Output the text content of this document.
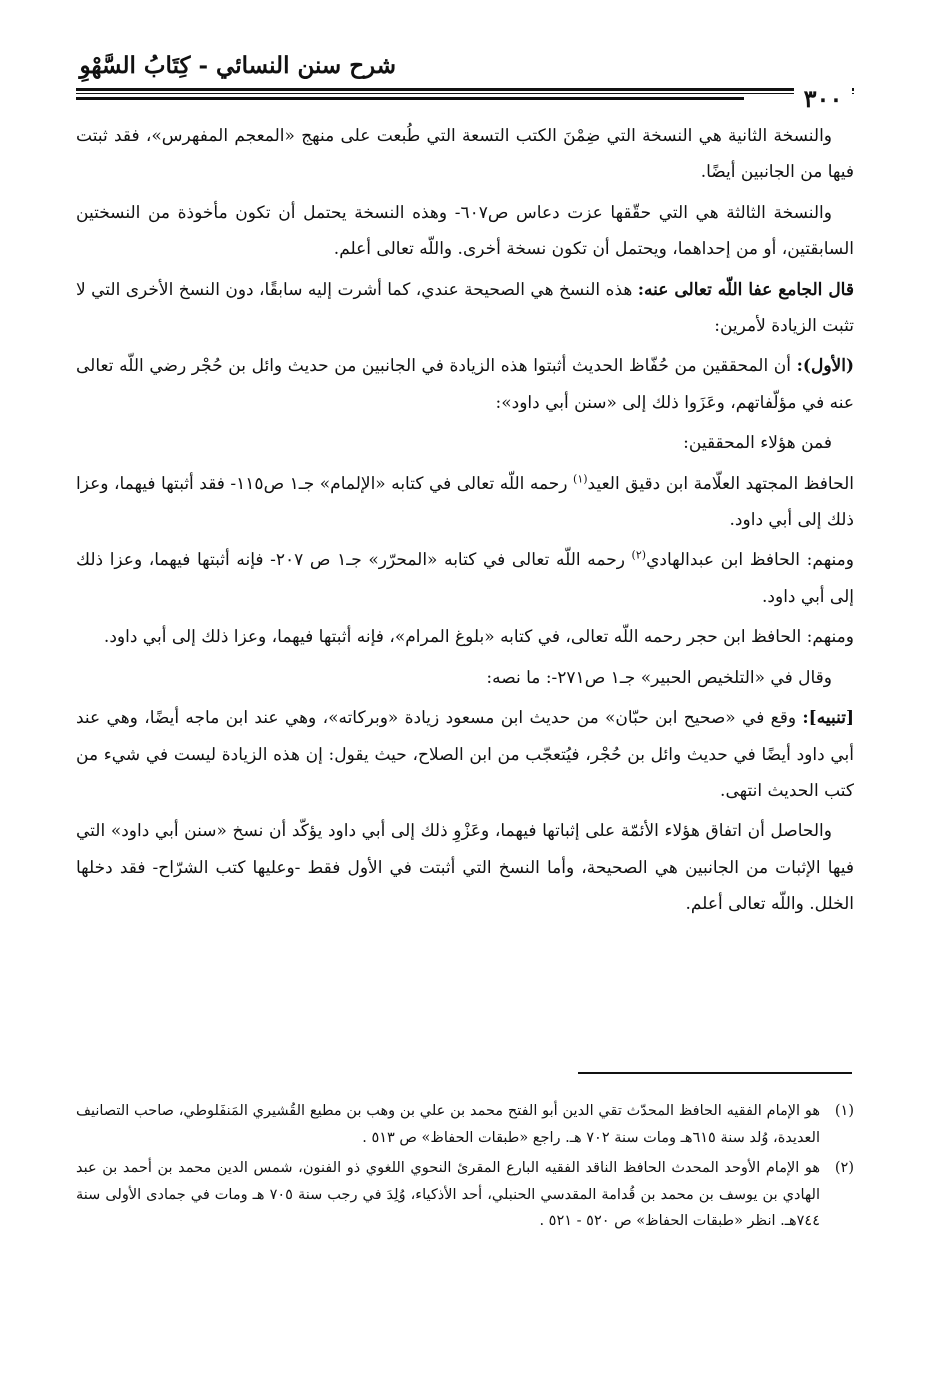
شرح سنن النسائي - كِتَابُ السَّهْوِ
٣٠٠

والنسخة الثانية هي النسخة التي ضِمْنَ الكتب التسعة التي طُبعت على منهج «المعجم المفهرس»، فقد ثبتت فيها من الجانبين أيضًا.

والنسخة الثالثة هي التي حقّقها عزت دعاس ص٦٠٧- وهذه النسخة يحتمل أن تكون مأخوذة من النسختين السابقتين، أو من إحداهما، ويحتمل أن تكون نسخة أخرى. واللّه تعالى أعلم.

قال الجامع عفا اللّه تعالى عنه: هذه النسخ هي الصحيحة عندي، كما أشرت إليه سابقًا، دون النسخ الأخرى التي لا تثبت الزيادة لأمرين:

(الأول): أن المحققين من حُفّاظ الحديث أثبتوا هذه الزيادة في الجانبين من حديث وائل بن حُجْر رضي اللّه تعالى عنه في مؤلّفاتهم، وعَزَوا ذلك إلى «سنن أبي داود»:

فمن هؤلاء المحققين:

الحافظ المجتهد العلّامة ابن دقيق العيد$^{(١)}$ رحمه اللّه تعالى في كتابه «الإلمام» جـ١ ص١١٥- فقد أثبتها فيهما، وعزا ذلك إلى أبي داود.

ومنهم: الحافظ ابن عبدالهادي$^{(٢)}$ رحمه اللّه تعالى في كتابه «المحرّر» جـ١ ص ٢٠٧- فإنه أثبتها فيهما، وعزا ذلك إلى أبي داود.

ومنهم: الحافظ ابن حجر رحمه اللّه تعالى، في كتابه «بلوغ المرام»، فإنه أثبتها فيهما، وعزا ذلك إلى أبي داود.

وقال في «التلخيص الحبير» جـ١ ص٢٧١-: ما نصه:

[تنبيه]: وقع في «صحيح ابن حبّان» من حديث ابن مسعود زيادة «وبركاته»، وهي عند ابن ماجه أيضًا، وهي عند أبي داود أيضًا في حديث وائل بن حُجْر، فيُتعجّب من ابن الصلاح، حيث يقول: إن هذه الزيادة ليست في شيء من كتب الحديث انتهى.

والحاصل أن اتفاق هؤلاء الأئمّة على إثباتها فيهما، وعَزْوِ ذلك إلى أبي داود يؤكّد أن نسخ «سنن أبي داود» التي فيها الإثبات من الجانبين هي الصحيحة، وأما النسخ التي أثبتت في الأول فقط -وعليها كتب الشرّاح- فقد دخلها الخلل. واللّه تعالى أعلم.

(١)
هو الإمام الفقيه الحافظ المحدّث تقي الدين أبو الفتح محمد بن علي بن وهب بن مطيع القُشيري المَنفَلوطي، صاحب التصانيف العديدة، وُلد سنة ٦١٥هـ ومات سنة ٧٠٢ هـ. راجع «طبقات الحفاظ» ص ٥١٣ .
(٢)
هو الإمام الأوحد المحدث الحافظ الناقد الفقيه البارع المقرئ النحوي اللغوي ذو الفنون، شمس الدين محمد بن أحمد بن عبد الهادي بن يوسف بن محمد بن قُدامة المقدسي الحنبلي، أحد الأذكياء، وُلِدَ في رجب سنة ٧٠٥ هـ ومات في جمادى الأولى سنة ٧٤٤هـ. انظر «طبقات الحفاظ» ص ٥٢٠ - ٥٢١ .
